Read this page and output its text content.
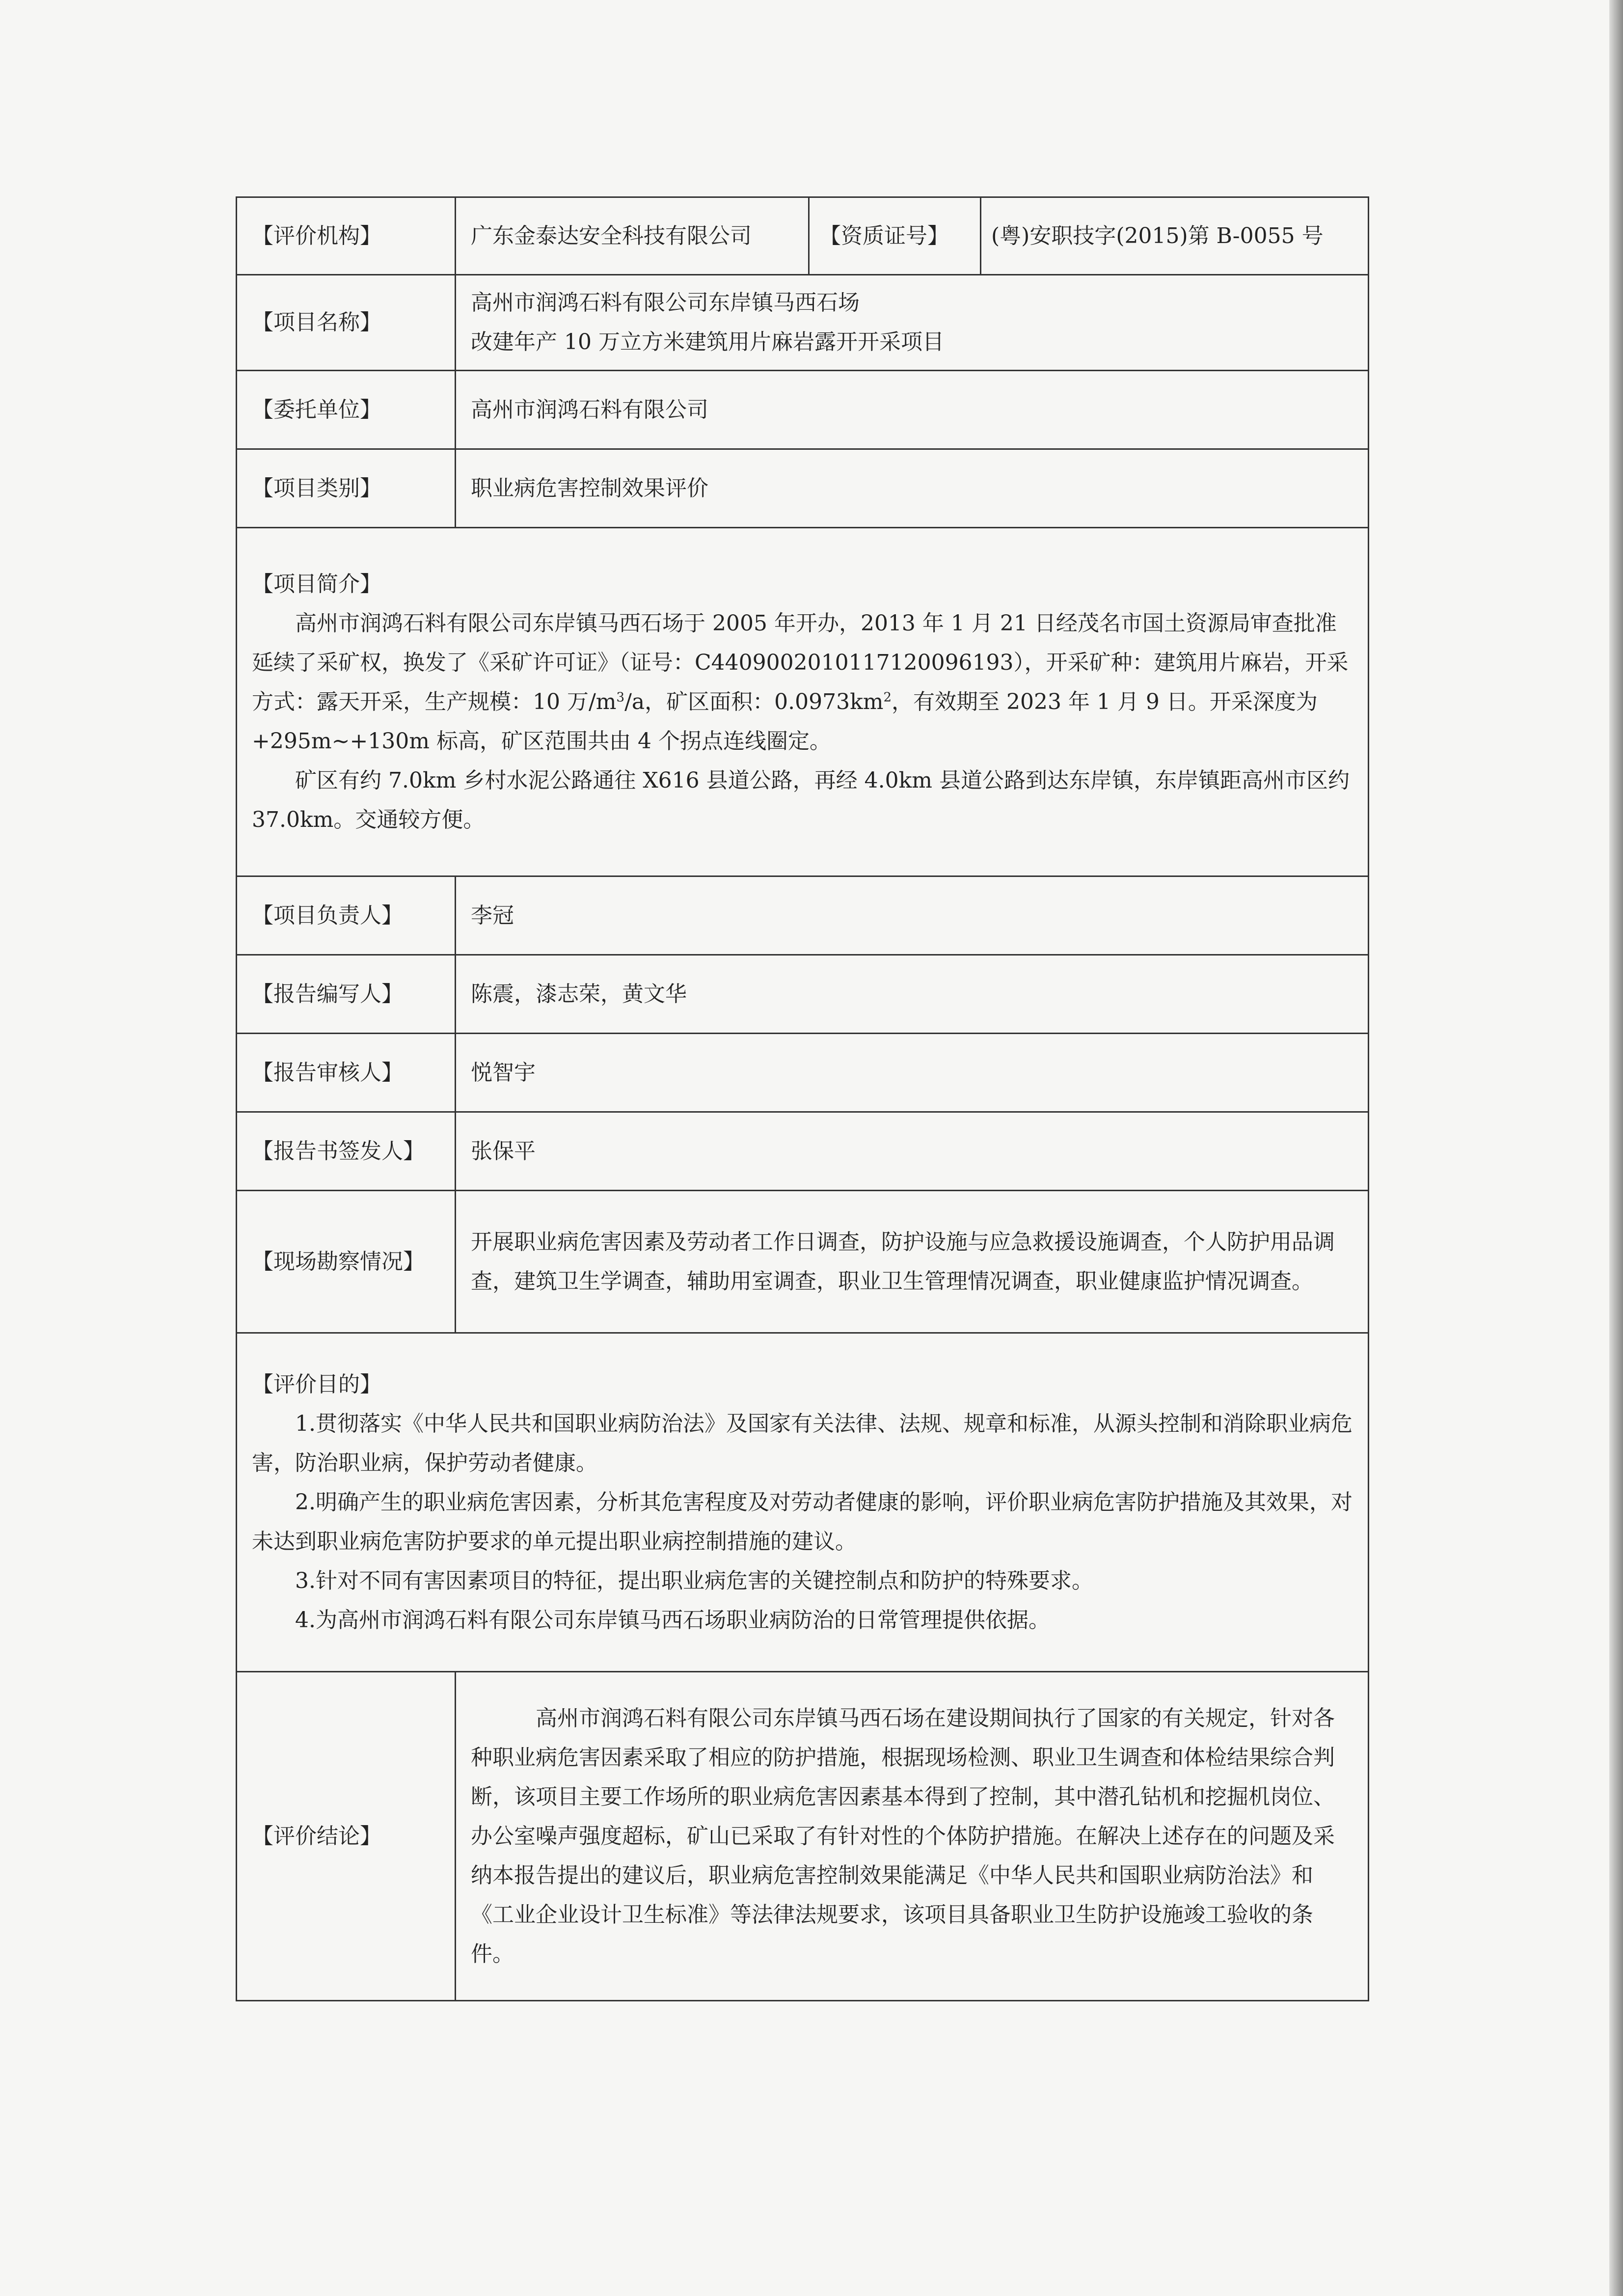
【评价机构】	广东金泰达安全科技有限公司	【资质证号】	(粤)安职技字(2015)第 B-0055 号
【项目名称】	高州市润鸿石料有限公司东岸镇马西石场
改建年产 10 万立方米建筑用片麻岩露开开采项目		

【委托单位】	高州市润鸿石料有限公司		
【项目类别】	职业病危害控制效果评价		

【项目简介】
高州市润鸿石料有限公司东岸镇马西石场于 2005 年开办，2013 年 1 月 21 日经茂名市国土资源局审查批准延续了采矿权，换发了《采矿许可证》（证号：C4409002010117120096193），开采矿种：建筑用片麻岩，开采方式：露天开采，生产规模：10 万$/m^3/a$，矿区面积：$0.0973km^2$，有效期至 2023 年 1 月 9 日。开采深度为+295m~+130m 标高，矿区范围共由 4 个拐点连线圈定。
矿区有约 7.0km 乡村水泥公路通往 X616 县道公路，再经 4.0km 县道公路到达东岸镇，东岸镇距高州市区约 37.0km。交通较方便。			

【项目负责人】	李冠		
【报告编写人】	陈震，漆志荣，黄文华		
【报告审核人】	悦智宇		
【报告书签发人】	张保平		
【现场勘察情况】	开展职业病危害因素及劳动者工作日调查，防护设施与应急救援设施调查，个人防护用品调查，建筑卫生学调查，辅助用室调查，职业卫生管理情况调查，职业健康监护情况调查。		

【评价目的】
1.贯彻落实《中华人民共和国职业病防治法》及国家有关法律、法规、规章和标准，从源头控制和消除职业病危害，防治职业病，保护劳动者健康。
2.明确产生的职业病危害因素，分析其危害程度及对劳动者健康的影响，评价职业病危害防护措施及其效果，对未达到职业病危害防护要求的单元提出职业病控制措施的建议。
3.针对不同有害因素项目的特征，提出职业病危害的关键控制点和防护的特殊要求。
4.为高州市润鸿石料有限公司东岸镇马西石场职业病防治的日常管理提供依据。			

【评价结论】	高州市润鸿石料有限公司东岸镇马西石场在建设期间执行了国家的有关规定，针对各种职业病危害因素采取了相应的防护措施，根据现场检测、职业卫生调查和体检结果综合判断，该项目主要工作场所的职业病危害因素基本得到了控制，其中潜孔钻机和挖掘机岗位、办公室噪声强度超标，矿山已采取了有针对性的个体防护措施。在解决上述存在的问题及采纳本报告提出的建议后，职业病危害控制效果能满足《中华人民共和国职业病防治法》和《工业企业设计卫生标准》等法律法规要求，该项目具备职业卫生防护设施竣工验收的条件。		
